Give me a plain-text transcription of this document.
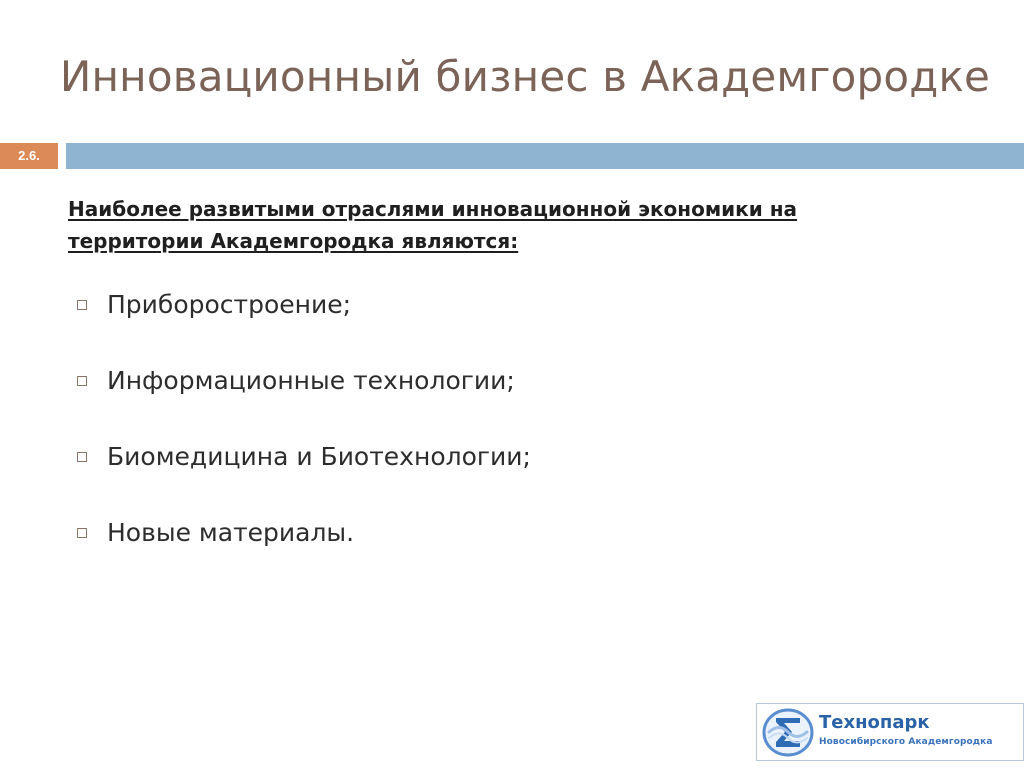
Инновационный бизнес в Академгородке
2.6.
Наиболее развитыми отраслями инновационной экономики на территории Академгородка являются:
Приборостроение;
Информационные технологии;
Биомедицина и Биотехнологии;
Новые материалы.
Технопарк
Новосибирского Академгородка
